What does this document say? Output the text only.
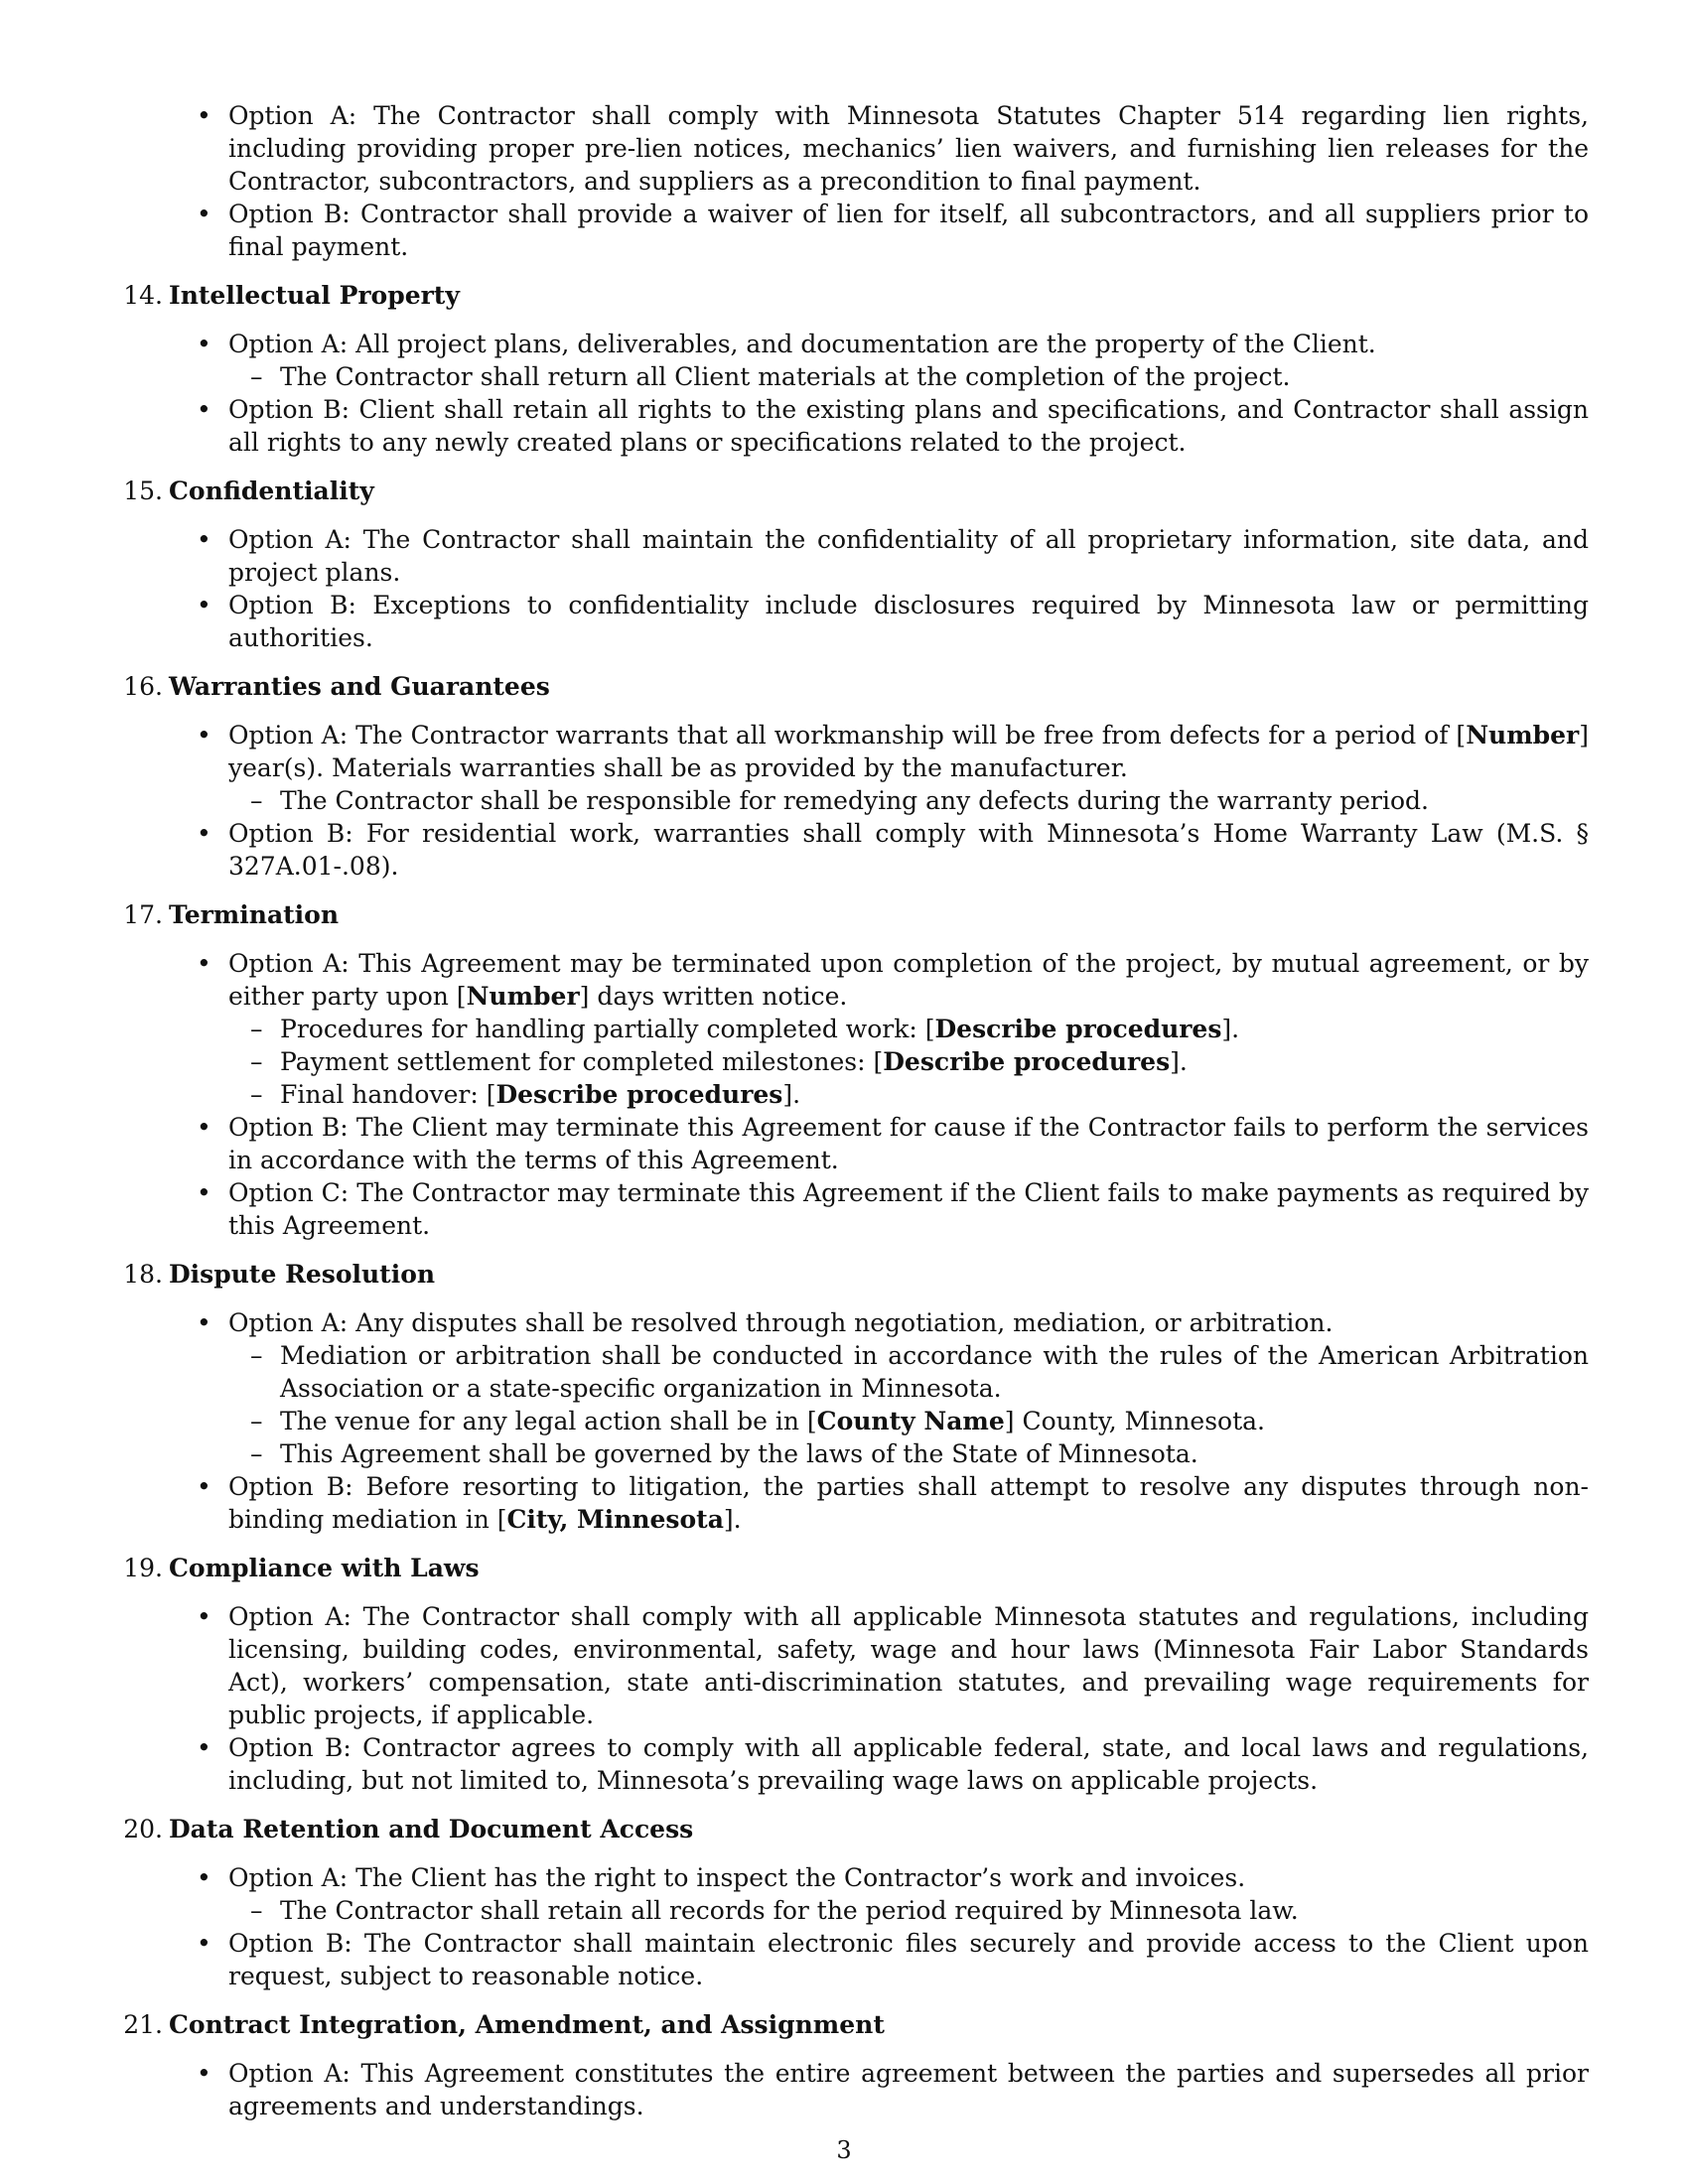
• Option A: The Contractor shall comply with Minnesota Statutes Chapter 514 regarding lien rights, including providing proper pre-lien notices, mechanics’ lien waivers, and furnishing lien releases for the Contractor, subcontractors, and suppliers as a precondition to final payment.
• Option B: Contractor shall provide a waiver of lien for itself, all subcontractors, and all suppliers prior to final payment.
14. Intellectual Property
• Option A: All project plans, deliverables, and documentation are the property of the Client.
– The Contractor shall return all Client materials at the completion of the project.
• Option B: Client shall retain all rights to the existing plans and specifications, and Contractor shall assign all rights to any newly created plans or specifications related to the project.
15. Confidentiality
• Option A: The Contractor shall maintain the confidentiality of all proprietary information, site data, and project plans.
• Option B: Exceptions to confidentiality include disclosures required by Minnesota law or permitting authorities.
16. Warranties and Guarantees
• Option A: The Contractor warrants that all workmanship will be free from defects for a period of [Number] year(s). Materials warranties shall be as provided by the manufacturer.
– The Contractor shall be responsible for remedying any defects during the warranty period.
• Option B: For residential work, warranties shall comply with Minnesota’s Home Warranty Law (M.S. § 327A.01-.08).
17. Termination
• Option A: This Agreement may be terminated upon completion of the project, by mutual agreement, or by either party upon [Number] days written notice.
– Procedures for handling partially completed work: [Describe procedures].
– Payment settlement for completed milestones: [Describe procedures].
– Final handover: [Describe procedures].
• Option B: The Client may terminate this Agreement for cause if the Contractor fails to perform the services in accordance with the terms of this Agreement.
• Option C: The Contractor may terminate this Agreement if the Client fails to make payments as required by this Agreement.
18. Dispute Resolution
• Option A: Any disputes shall be resolved through negotiation, mediation, or arbitration.
– Mediation or arbitration shall be conducted in accordance with the rules of the American Arbitration Association or a state-specific organization in Minnesota.
– The venue for any legal action shall be in [County Name] County, Minnesota.
– This Agreement shall be governed by the laws of the State of Minnesota.
• Option B: Before resorting to litigation, the parties shall attempt to resolve any disputes through non-binding mediation in [City, Minnesota].
19. Compliance with Laws
• Option A: The Contractor shall comply with all applicable Minnesota statutes and regulations, including licensing, building codes, environmental, safety, wage and hour laws (Minnesota Fair Labor Standards Act), workers’ compensation, state anti-discrimination statutes, and prevailing wage requirements for public projects, if applicable.
• Option B: Contractor agrees to comply with all applicable federal, state, and local laws and regulations, including, but not limited to, Minnesota’s prevailing wage laws on applicable projects.
20. Data Retention and Document Access
• Option A: The Client has the right to inspect the Contractor’s work and invoices.
– The Contractor shall retain all records for the period required by Minnesota law.
• Option B: The Contractor shall maintain electronic files securely and provide access to the Client upon request, subject to reasonable notice.
21. Contract Integration, Amendment, and Assignment
• Option A: This Agreement constitutes the entire agreement between the parties and supersedes all prior agreements and understandings.
3
